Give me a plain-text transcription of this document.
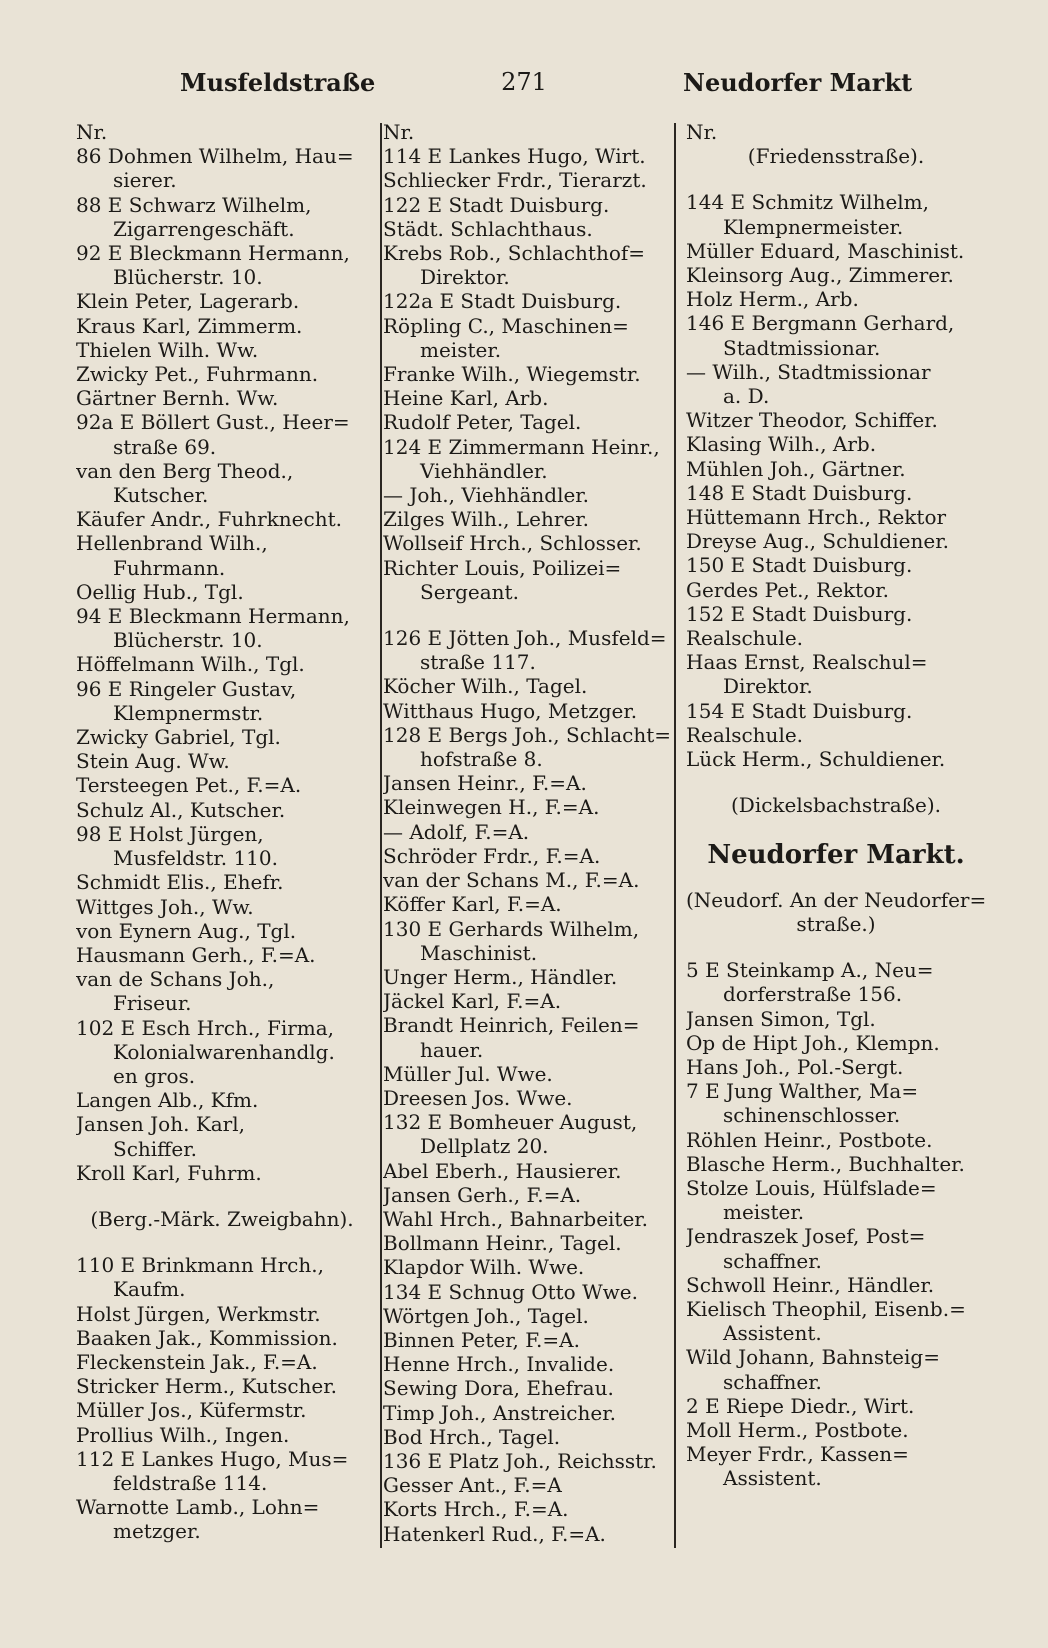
Musfeldstraße	271	Neudorfer Markt
Nr.
86 Dohmen Wilhelm, Hau=
sierer.
88 E Schwarz Wilhelm,
Zigarrengeschäft.
92 E Bleckmann Hermann,
Blücherstr. 10.
Klein Peter, Lagerarb.
Kraus Karl, Zimmerm.
Thielen Wilh. Ww.
Zwicky Pet., Fuhrmann.
Gärtner Bernh. Ww.
92a E Böllert Gust., Heer=
straße 69.
van den Berg Theod.,
Kutscher.
Käufer Andr., Fuhrknecht.
Hellenbrand Wilh.,
Fuhrmann.
Oellig Hub., Tgl.
94 E Bleckmann Hermann,
Blücherstr. 10.
Höffelmann Wilh., Tgl.
96 E Ringeler Gustav,
Klempnermstr.
Zwicky Gabriel, Tgl.
Stein Aug. Ww.
Tersteegen Pet., F.=A.
Schulz Al., Kutscher.
98 E Holst Jürgen,
Musfeldstr. 110.
Schmidt Elis., Ehefr.
Wittges Joh., Ww.
von Eynern Aug., Tgl.
Hausmann Gerh., F.=A.
van de Schans Joh.,
Friseur.
102 E Esch Hrch., Firma,
Kolonialwarenhandlg.
en gros.
Langen Alb., Kfm.
Jansen Joh. Karl,
Schiffer.
Kroll Karl, Fuhrm.
(Berg.-Märk. Zweigbahn).
110 E Brinkmann Hrch.,
Kaufm.
Holst Jürgen, Werkmstr.
Baaken Jak., Kommission.
Fleckenstein Jak., F.=A.
Stricker Herm., Kutscher.
Müller Jos., Küfermstr.
Prollius Wilh., Ingen.
112 E Lankes Hugo, Mus=
feldstraße 114.
Warnotte Lamb., Lohn=
metzger.
Nr.
114 E Lankes Hugo, Wirt.
Schliecker Frdr., Tierarzt.
122 E Stadt Duisburg.
Städt. Schlachthaus.
Krebs Rob., Schlachthof=
Direktor.
122a E Stadt Duisburg.
Röpling C., Maschinen=
meister.
Franke Wilh., Wiegemstr.
Heine Karl, Arb.
Rudolf Peter, Tagel.
124 E Zimmermann Heinr.,
Viehhändler.
— Joh., Viehhändler.
Zilges Wilh., Lehrer.
Wollseif Hrch., Schlosser.
Richter Louis, Poilizei=
Sergeant.
126 E Jötten Joh., Musfeld=
straße 117.
Köcher Wilh., Tagel.
Witthaus Hugo, Metzger.
128 E Bergs Joh., Schlacht=
hofstraße 8.
Jansen Heinr., F.=A.
Kleinwegen H., F.=A.
— Adolf, F.=A.
Schröder Frdr., F.=A.
van der Schans M., F.=A.
Köffer Karl, F.=A.
130 E Gerhards Wilhelm,
Maschinist.
Unger Herm., Händler.
Jäckel Karl, F.=A.
Brandt Heinrich, Feilen=
hauer.
Müller Jul. Wwe.
Dreesen Jos. Wwe.
132 E Bomheuer August,
Dellplatz 20.
Abel Eberh., Hausierer.
Jansen Gerh., F.=A.
Wahl Hrch., Bahnarbeiter.
Bollmann Heinr., Tagel.
Klapdor Wilh. Wwe.
134 E Schnug Otto Wwe.
Wörtgen Joh., Tagel.
Binnen Peter, F.=A.
Henne Hrch., Invalide.
Sewing Dora, Ehefrau.
Timp Joh., Anstreicher.
Bod Hrch., Tagel.
136 E Platz Joh., Reichsstr.
Gesser Ant., F.=A
Korts Hrch., F.=A.
Hatenkerl Rud., F.=A.
Nr.
(Friedensstraße).
144 E Schmitz Wilhelm,
Klempnermeister.
Müller Eduard, Maschinist.
Kleinsorg Aug., Zimmerer.
Holz Herm., Arb.
146 E Bergmann Gerhard,
Stadtmissionar.
— Wilh., Stadtmissionar
a. D.
Witzer Theodor, Schiffer.
Klasing Wilh., Arb.
Mühlen Joh., Gärtner.
148 E Stadt Duisburg.
Hüttemann Hrch., Rektor
Dreyse Aug., Schuldiener.
150 E Stadt Duisburg.
Gerdes Pet., Rektor.
152 E Stadt Duisburg.
Realschule.
Haas Ernst, Realschul=
Direktor.
154 E Stadt Duisburg.
Realschule.
Lück Herm., Schuldiener.
(Dickelsbachstraße).
Neudorfer Markt.
(Neudorf. An der Neudorfer=
straße.)
5 E Steinkamp A., Neu=
dorferstraße 156.
Jansen Simon, Tgl.
Op de Hipt Joh., Klempn.
Hans Joh., Pol.-Sergt.
7 E Jung Walther, Ma=
schinenschlosser.
Röhlen Heinr., Postbote.
Blasche Herm., Buchhalter.
Stolze Louis, Hülfslade=
meister.
Jendraszek Josef, Post=
schaffner.
Schwoll Heinr., Händler.
Kielisch Theophil, Eisenb.=
Assistent.
Wild Johann, Bahnsteig=
schaffner.
2 E Riepe Diedr., Wirt.
Moll Herm., Postbote.
Meyer Frdr., Kassen=
Assistent.
